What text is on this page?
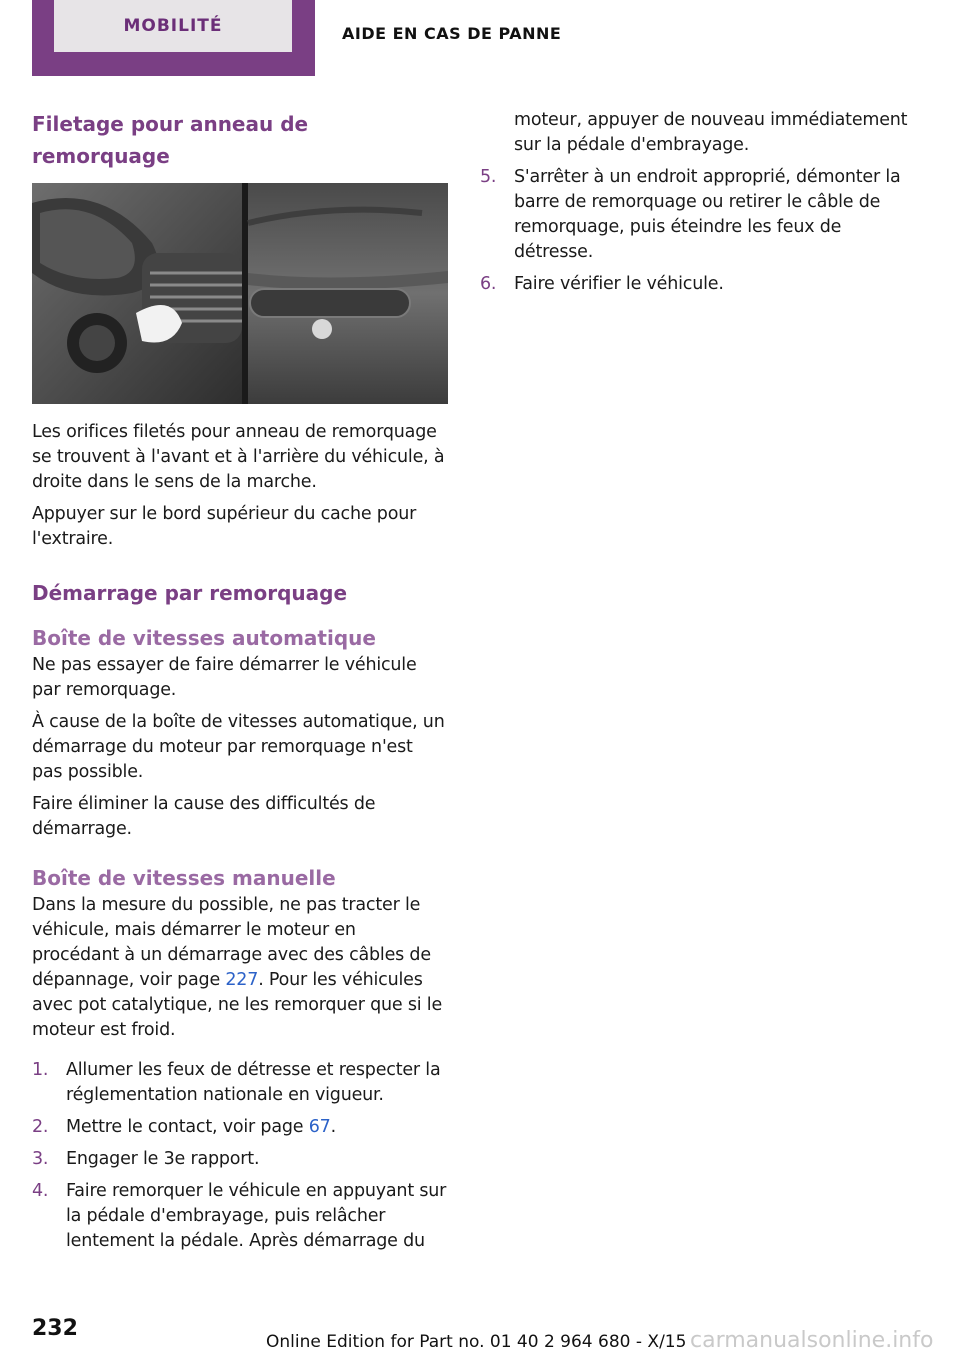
MOBILITÉ	AIDE EN CAS DE PANNE
Filetage pour anneau de remorquage

Les orifices filetés pour anneau de remorquage se trouvent à l'avant et à l'arrière du véhicule, à droite dans le sens de la marche.

Appuyer sur le bord supérieur du cache pour l'extraire.

Démarrage par remorquage
Boîte de vitesses automatique

Ne pas essayer de faire démarrer le véhicule par remorquage.

À cause de la boîte de vitesses automatique, un démarrage du moteur par remorquage n'est pas possible.

Faire éliminer la cause des difficultés de démarrage.

Boîte de vitesses manuelle

Dans la mesure du possible, ne pas tracter le véhicule, mais démarrer le moteur en procédant à un démarrage avec des câbles de dépannage, voir page 227. Pour les véhicules avec pot catalytique, ne les remorquer que si le moteur est froid.

1. Allumer les feux de détresse et respecter la réglementation nationale en vigueur.
2. Mettre le contact, voir page 67.
3. Engager le 3e rapport.
4. Faire remorquer le véhicule en appuyant sur la pédale d'embrayage, puis relâcher lentement la pédale. Après démarrage du
moteur, appuyer de nouveau immédiatement sur la pédale d'embrayage.
5. S'arrêter à un endroit approprié, démonter la barre de remorquage ou retirer le câble de remorquage, puis éteindre les feux de détresse.
6. Faire vérifier le véhicule.
232
Online Edition for Part no. 01 40 2 964 680 - X/15 carmanualsonline.info
